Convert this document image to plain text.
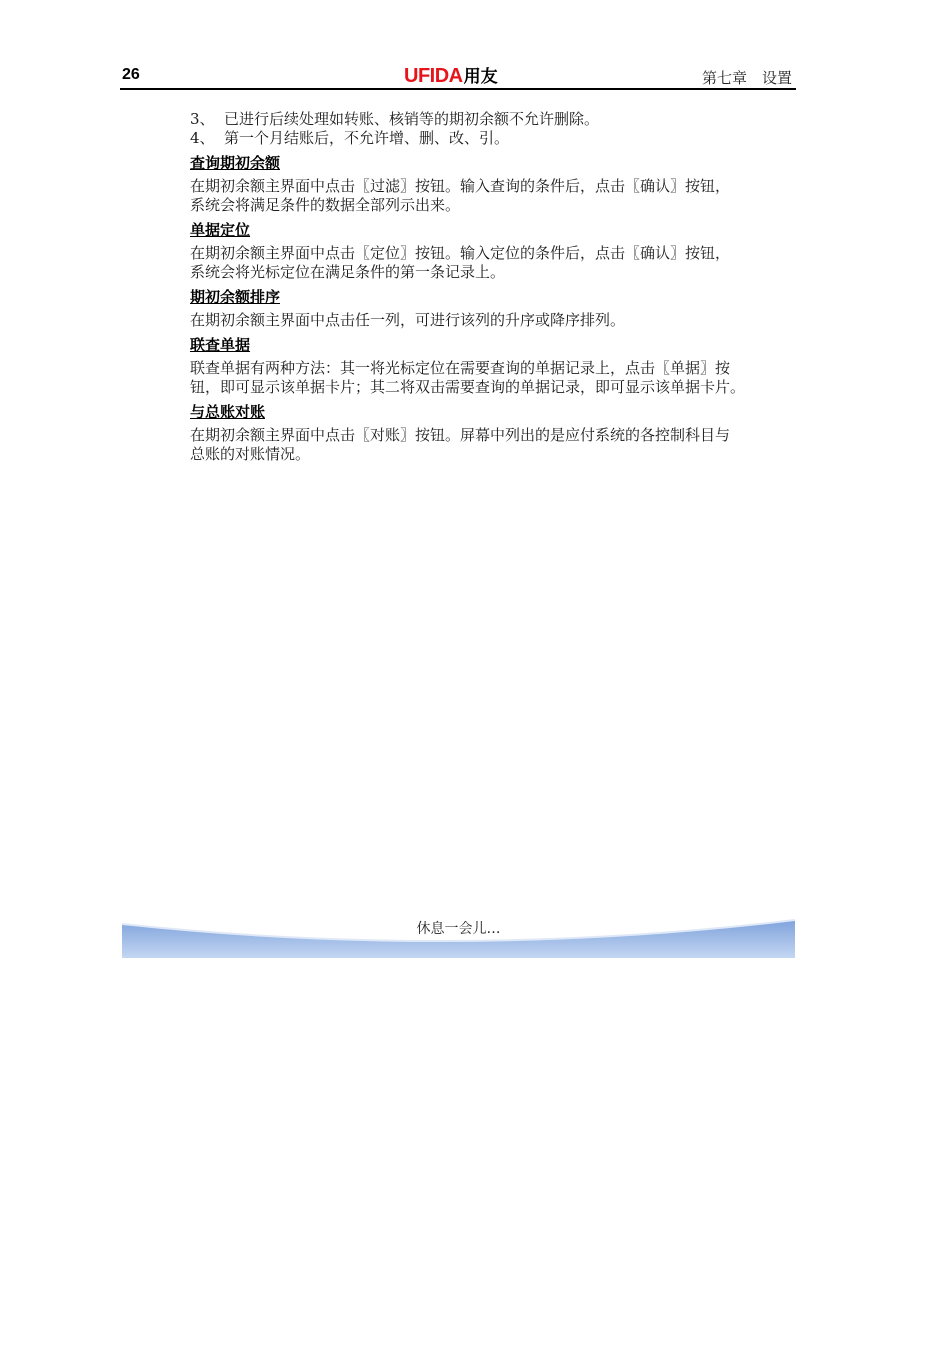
26	UFIDA用友	第七章　设置

3、 已进行后续处理如转账、核销等的期初余额不允许删除。

4、 第一个月结账后，不允许增、删、改、引。

查询期初余额

在期初余额主界面中点击〖过滤〗按钮。输入查询的条件后，点击〖确认〗按钮，
系统会将满足条件的数据全部列示出来。

单据定位

在期初余额主界面中点击〖定位〗按钮。输入定位的条件后，点击〖确认〗按钮，
系统会将光标定位在满足条件的第一条记录上。

期初余额排序

在期初余额主界面中点击任一列，可进行该列的升序或降序排列。

联查单据

联查单据有两种方法：其一将光标定位在需要查询的单据记录上，点击〖单据〗按
钮，即可显示该单据卡片；其二将双击需要查询的单据记录，即可显示该单据卡片。

与总账对账

在期初余额主界面中点击〖对账〗按钮。屏幕中列出的是应付系统的各控制科目与
总账的对账情况。

休息一会儿…
